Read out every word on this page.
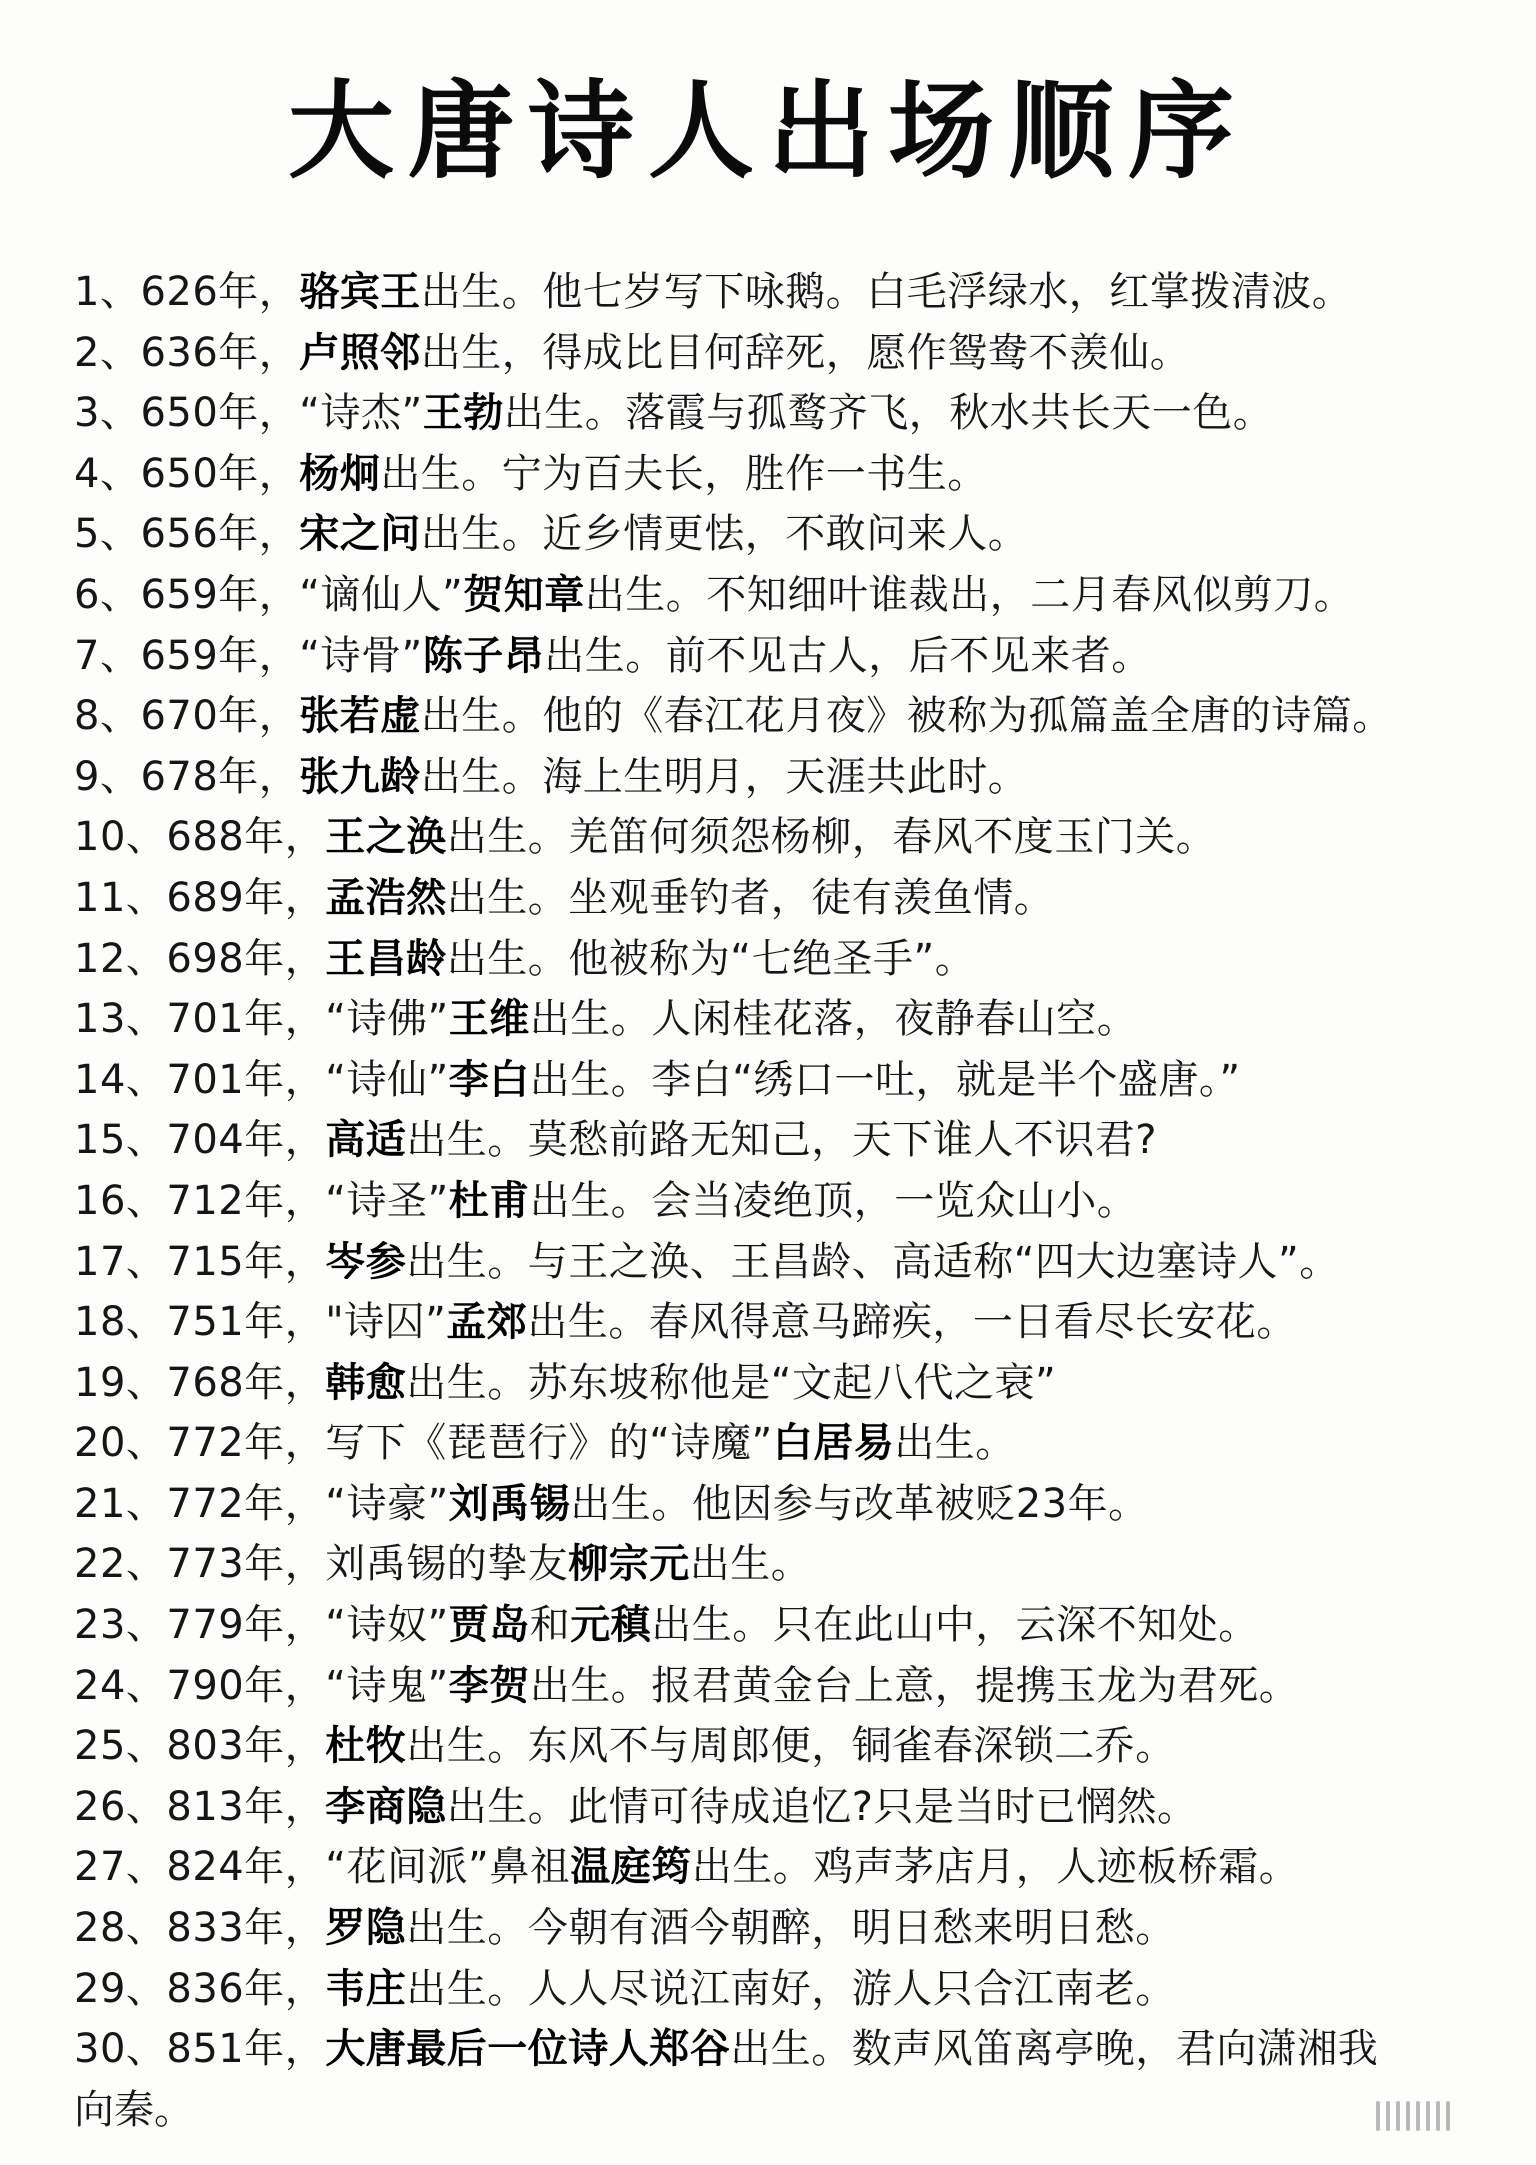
大唐诗人出场顺序
1、626年，骆宾王出生。他七岁写下咏鹅。白毛浮绿水，红掌拨清波。
2、636年，卢照邻出生，得成比目何辞死，愿作鸳鸯不羡仙。
3、650年，“诗杰”王勃出生。落霞与孤鹜齐飞，秋水共长天一色。
4、650年，杨炯出生。宁为百夫长，胜作一书生。
5、656年，宋之问出生。近乡情更怯，不敢问来人。
6、659年，“谪仙人”贺知章出生。不知细叶谁裁出，二月春风似剪刀。
7、659年，“诗骨”陈子昂出生。前不见古人，后不见来者。
8、670年，张若虚出生。他的《春江花月夜》被称为孤篇盖全唐的诗篇。
9、678年，张九龄出生。海上生明月，天涯共此时。
10、688年，王之涣出生。羌笛何须怨杨柳，春风不度玉门关。
11、689年，孟浩然出生。坐观垂钓者，徒有羡鱼情。
12、698年，王昌龄出生。他被称为“七绝圣手”。
13、701年，“诗佛”王维出生。人闲桂花落，夜静春山空。
14、701年，“诗仙”李白出生。李白“绣口一吐，就是半个盛唐。”
15、704年，高适出生。莫愁前路无知己，天下谁人不识君?
16、712年，“诗圣”杜甫出生。会当凌绝顶，一览众山小。
17、715年，岑参出生。与王之涣、王昌龄、高适称“四大边塞诗人”。
18、751年，"诗囚”孟郊出生。春风得意马蹄疾，一日看尽长安花。
19、768年，韩愈出生。苏东坡称他是“文起八代之衰”
20、772年，写下《琵琶行》的“诗魔”白居易出生。
21、772年，“诗豪”刘禹锡出生。他因参与改革被贬23年。
22、773年，刘禹锡的挚友柳宗元出生。
23、779年，“诗奴”贾岛和元稹出生。只在此山中，云深不知处。
24、790年，“诗鬼”李贺出生。报君黄金台上意，提携玉龙为君死。
25、803年，杜牧出生。东风不与周郎便，铜雀春深锁二乔。
26、813年，李商隐出生。此情可待成追忆?只是当时已惘然。
27、824年，“花间派”鼻祖温庭筠出生。鸡声茅店月，人迹板桥霜。
28、833年，罗隐出生。今朝有酒今朝醉，明日愁来明日愁。
29、836年，韦庄出生。人人尽说江南好，游人只合江南老。
30、851年，大唐最后一位诗人郑谷出生。数声风笛离亭晚，君向潇湘我
向秦。
